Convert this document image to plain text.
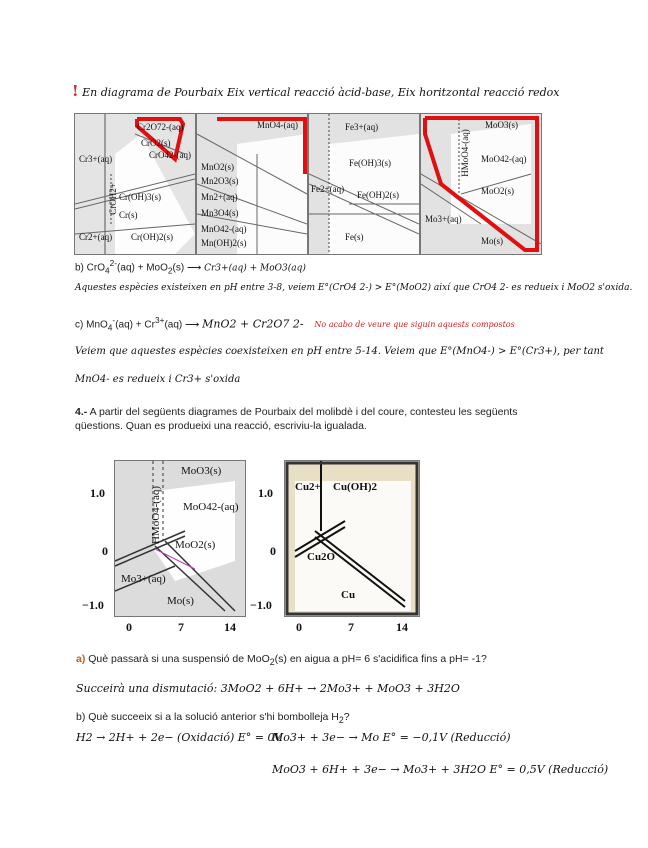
! En diagrama de Pourbaix Eix vertical reacció àcid-base, Eix horitzontal reacció redox
Cr2O72-(aq)
CrO2(s)
CrO42-(aq)
Cr3+(aq)
CrOH2+ Cr(OH)3(s)
Cr(s)
Cr2+(aq) Cr(OH)2(s)
MnO4-(aq)
MnO2(s)
Mn2O3(s)
Mn2+(aq)
Mn3O4(s)
MnO42-(aq)
Mn(OH)2(s)
Fe3+(aq)
Fe(OH)3(s)
Fe2+(aq)
Fe(OH)2(s)
Fe(s)
MoO3(s)
HMoO4-(aq) MoO42-(aq)
MoO2(s)
Mo3+(aq)
Mo(s)
b) CrO$_4^{2-}$(aq) + MoO$_2$(s) ⟶ Cr3+(aq) + MoO3(aq)
Aquestes espècies existeixen en pH entre 3-8, veiem E°(CrO4 2-) > E°(MoO2) així que CrO4 2- es redueix i MoO2 s'oxida.
c) $MnO_4^-(aq) + Cr^{3+}(aq)$ ⟶ MnO2 + Cr2O7 2- No acabo de veure que siguin aquests compostos
Veiem que aquestes espècies coexisteixen en pH entre 5-14. Veiem que E°(MnO4-) > E°(Cr3+), per tant
MnO4- es redueix i Cr3+ s'oxida
4.- A partir del següents diagrames de Pourbaix del molibdè i del coure, contesteu les següents
qüestions. Quan es produeixi una reacció, escriviu-la igualada.
1.0
0
−1.0
MoO3(s)
HMoO4-(aq) MoO42-(aq)
MoO2(s)
Mo3+(aq)
Mo(s)
0	7	14
1.0
0
−1.0
Cu2+ Cu(OH)2
Cu2O
Cu
0	7	14
a) Què passarà si una suspensió de MoO$_2$(s) en aigua a pH= 6 s'acidifica fins a pH= -1?
Succeirà una dismutació: 3MoO2 + 6H+ → 2Mo3+ + MoO3 + 3H2O
b) Què succeeix si a la solució anterior s'hi bombolleja $H_2$?
H2 → 2H+ + 2e− (Oxidació) E° = 0V
Mo3+ + 3e− → Mo E° = −0,1V (Reducció)
MoO3 + 6H+ + 3e− → Mo3+ + 3H2O E° = 0,5V (Reducció)
